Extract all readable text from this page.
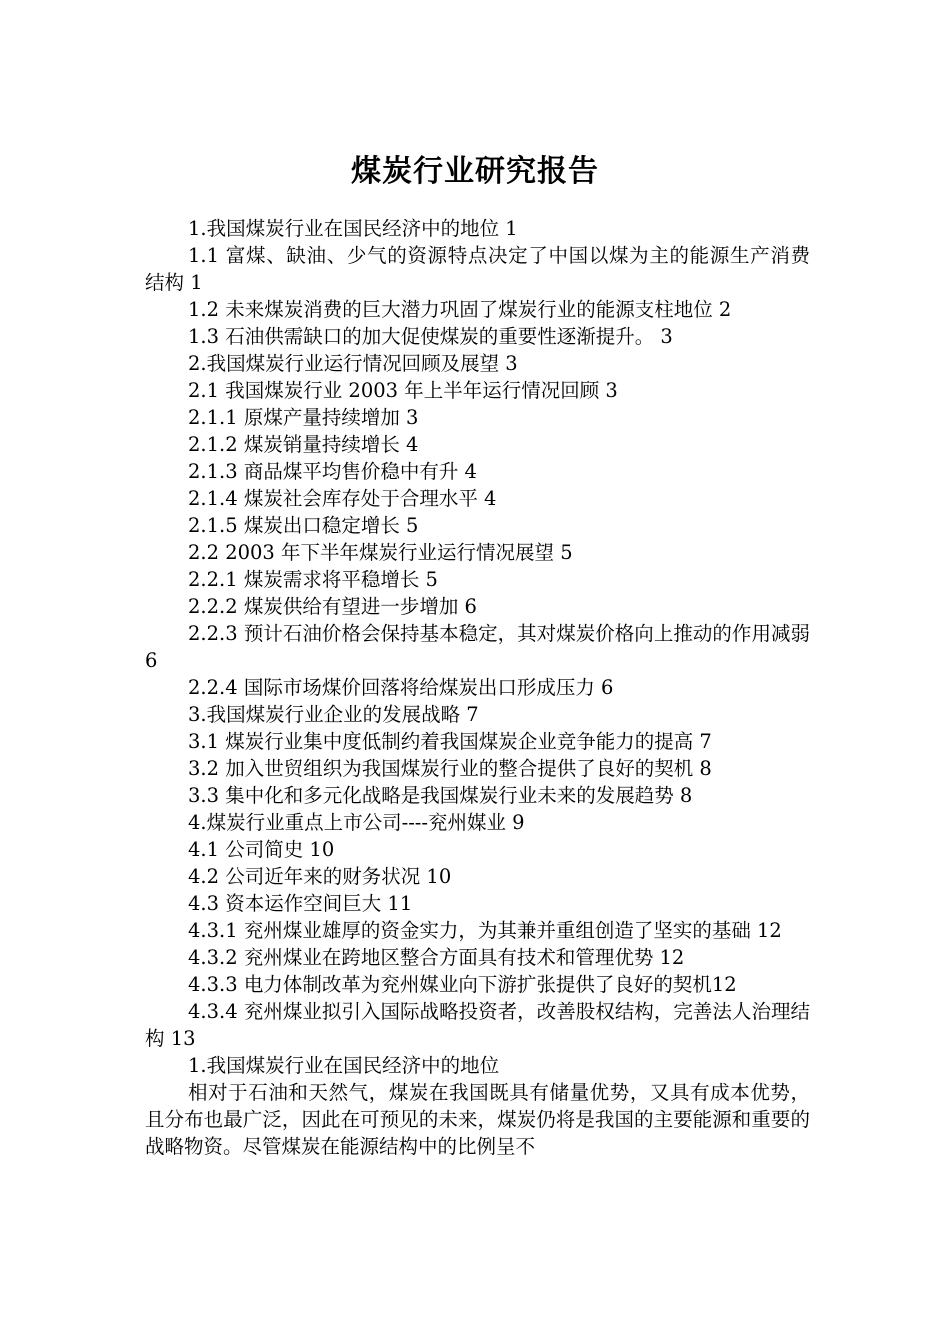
煤炭行业研究报告

1.我国煤炭行业在国民经济中的地位 1

1.1 富煤、缺油、少气的资源特点决定了中国以煤为主的能源生产消费结构 1

1.2 未来煤炭消费的巨大潜力巩固了煤炭行业的能源支柱地位 2

1.3 石油供需缺口的加大促使煤炭的重要性逐渐提升。 3

2.我国煤炭行业运行情况回顾及展望 3

2.1 我国煤炭行业 2003 年上半年运行情况回顾 3

2.1.1 原煤产量持续增加 3

2.1.2 煤炭销量持续增长 4

2.1.3 商品煤平均售价稳中有升 4

2.1.4 煤炭社会库存处于合理水平 4

2.1.5 煤炭出口稳定增长 5

2.2 2003 年下半年煤炭行业运行情况展望 5

2.2.1 煤炭需求将平稳增长 5

2.2.2 煤炭供给有望进一步增加 6

2.2.3 预计石油价格会保持基本稳定，其对煤炭价格向上推动的作用减弱 6

2.2.4 国际市场煤价回落将给煤炭出口形成压力 6

3.我国煤炭行业企业的发展战略 7

3.1 煤炭行业集中度低制约着我国煤炭企业竞争能力的提高 7

3.2 加入世贸组织为我国煤炭行业的整合提供了良好的契机 8

3.3 集中化和多元化战略是我国煤炭行业未来的发展趋势 8

4.煤炭行业重点上市公司----兖州媒业 9

4.1 公司简史 10

4.2 公司近年来的财务状况 10

4.3 资本运作空间巨大 11

4.3.1 兖州煤业雄厚的资金实力，为其兼并重组创造了坚实的基础 12

4.3.2 兖州煤业在跨地区整合方面具有技术和管理优势 12

4.3.3 电力体制改革为兖州媒业向下游扩张提供了良好的契机12

4.3.4 兖州煤业拟引入国际战略投资者，改善股权结构，完善法人治理结构 13

1.我国煤炭行业在国民经济中的地位

相对于石油和天然气，煤炭在我国既具有储量优势，又具有成本优势，且分布也最广泛，因此在可预见的未来，煤炭仍将是我国的主要能源和重要的战略物资。尽管煤炭在能源结构中的比例呈不
